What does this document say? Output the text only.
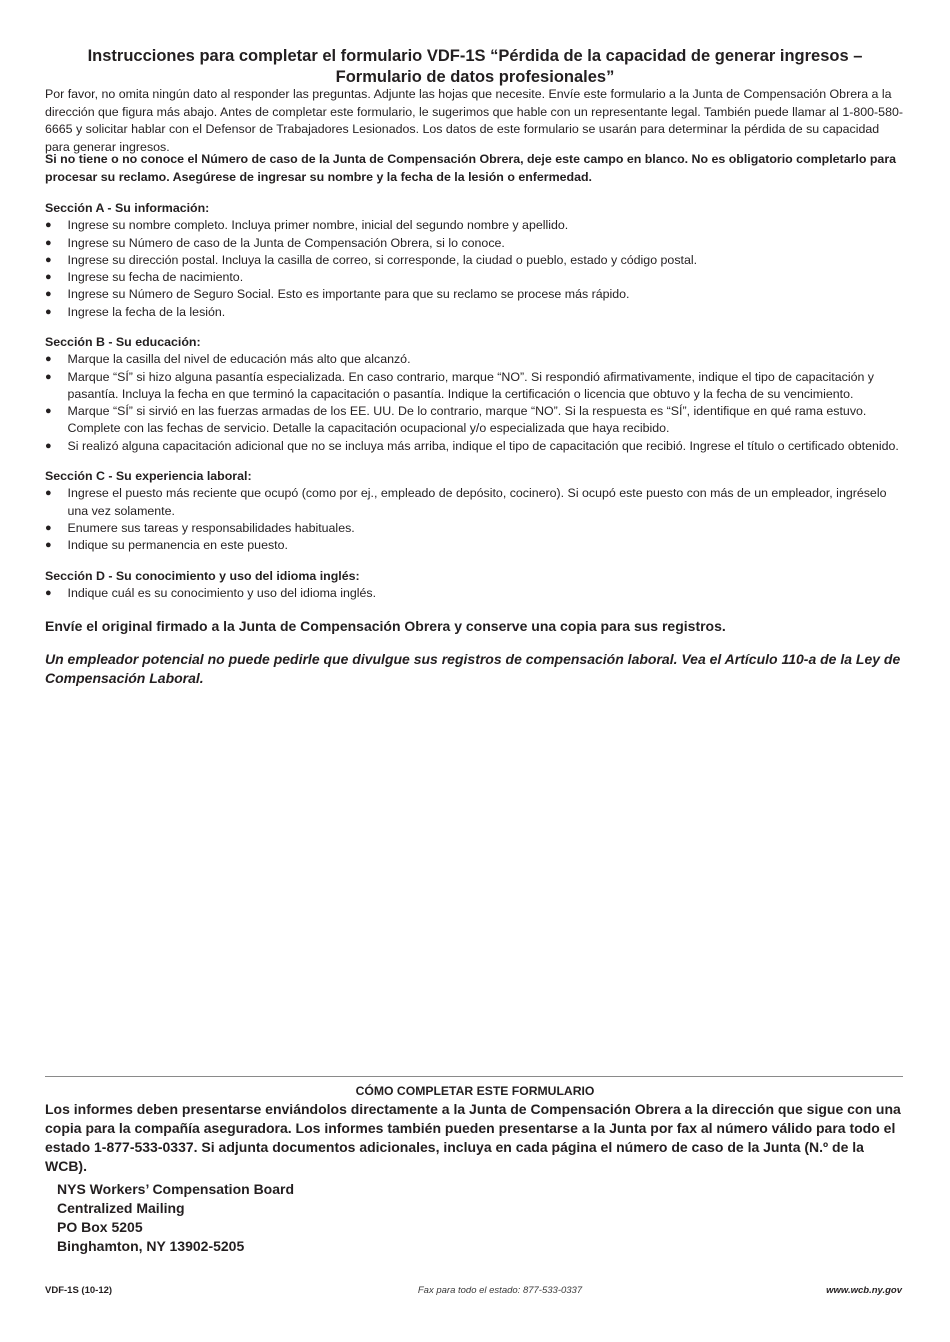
Instrucciones para completar el formulario VDF-1S “Pérdida de la capacidad de generar ingresos – Formulario de datos profesionales”
Por favor, no omita ningún dato al responder las preguntas. Adjunte las hojas que necesite. Envíe este formulario a la Junta de Compensación Obrera a la dirección que figura más abajo. Antes de completar este formulario, le sugerimos que hable con un representante legal. También puede llamar al 1-800-580-6665 y solicitar hablar con el Defensor de Trabajadores Lesionados. Los datos de este formulario se usarán para determinar la pérdida de su capacidad para generar ingresos.
Si no tiene o no conoce el Número de caso de la Junta de Compensación Obrera, deje este campo en blanco. No es obligatorio completarlo para procesar su reclamo. Asegúrese de ingresar su nombre y la fecha de la lesión o enfermedad.
Sección A - Su información:
● Ingrese su nombre completo. Incluya primer nombre, inicial del segundo nombre y apellido.
● Ingrese su Número de caso de la Junta de Compensación Obrera, si lo conoce.
● Ingrese su dirección postal. Incluya la casilla de correo, si corresponde, la ciudad o pueblo, estado y código postal.
● Ingrese su fecha de nacimiento.
● Ingrese su Número de Seguro Social. Esto es importante para que su reclamo se procese más rápido.
● Ingrese la fecha de la lesión.
Sección B - Su educación:
● Marque la casilla del nivel de educación más alto que alcanzó.
● Marque “SÍ” si hizo alguna pasantía especializada. En caso contrario, marque “NO”. Si respondió afirmativamente, indique el tipo de capacitación y pasantía. Incluya la fecha en que terminó la capacitación o pasantía. Indique la certificación o licencia que obtuvo y la fecha de su vencimiento.
● Marque “SÍ” si sirvió en las fuerzas armadas de los EE. UU. De lo contrario, marque “NO”. Si la respuesta es “SÍ”, identifique en qué rama estuvo. Complete con las fechas de servicio. Detalle la capacitación ocupacional y/o especializada que haya recibido.
● Si realizó alguna capacitación adicional que no se incluya más arriba, indique el tipo de capacitación que recibió. Ingrese el título o certificado obtenido.
Sección C - Su experiencia laboral:
● Ingrese el puesto más reciente que ocupó (como por ej., empleado de depósito, cocinero). Si ocupó este puesto con más de un empleador, ingréselo una vez solamente.
● Enumere sus tareas y responsabilidades habituales.
● Indique su permanencia en este puesto.
Sección D - Su conocimiento y uso del idioma inglés:
● Indique cuál es su conocimiento y uso del idioma inglés.
Envíe el original firmado a la Junta de Compensación Obrera y conserve una copia para sus registros.
Un empleador potencial no puede pedirle que divulgue sus registros de compensación laboral. Vea el Artículo 110-a de la Ley de Compensación Laboral.
CÓMO COMPLETAR ESTE FORMULARIO
Los informes deben presentarse enviándolos directamente a la Junta de Compensación Obrera a la dirección que sigue con una copia para la compañía aseguradora. Los informes también pueden presentarse a la Junta por fax al número válido para todo el estado 1-877-533-0337. Si adjunta documentos adicionales, incluya en cada página el número de caso de la Junta (N.º de la WCB).
NYS Workers’ Compensation Board
Centralized Mailing
PO Box 5205
Binghamton, NY 13902-5205
VDF-1S (10-12)	Fax para todo el estado: 877-533-0337	www.wcb.ny.gov
